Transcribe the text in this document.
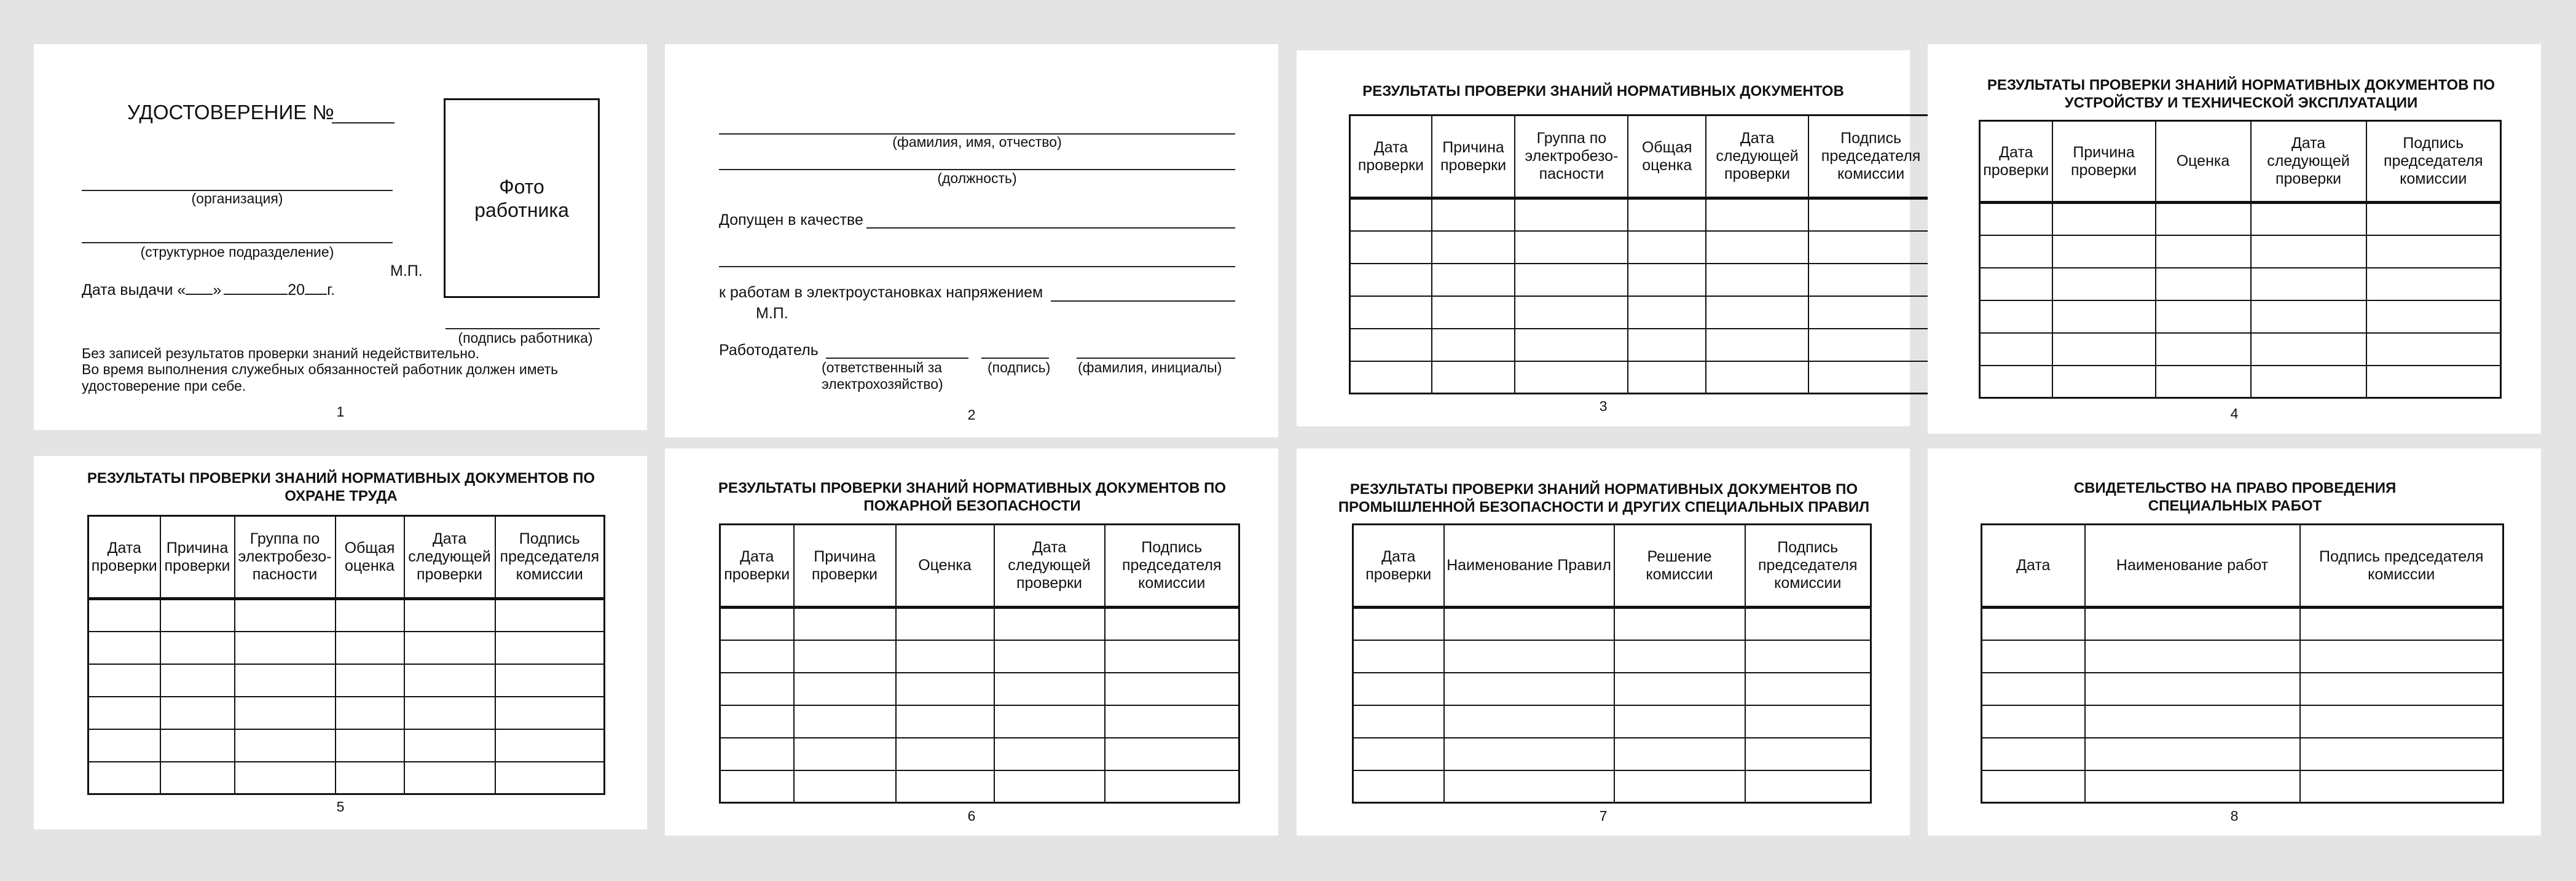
УДОСТОВЕРЕНИЕ №
(организация)
(структурное подразделение)
М.П.
Дата выдачи « »	20 г.
Фото работника
(подпись работника)
Без записей результатов проверки знаний недействительно.
Во время выполнения служебных обязанностей работник должен иметь удостоверение при себе.
1
(фамилия, имя, отчество)
(должность)
Допущен в качестве
к работам в электроустановках напряжением
М.П.
Работодатель
(ответственный за электрохозяйство)
(подпись) (фамилия, инициалы)
2
РЕЗУЛЬТАТЫ ПРОВЕРКИ ЗНАНИЙ НОРМАТИВНЫХ ДОКУМЕНТОВ
Дата проверки	Причина проверки	Группа по электробезо- пасности	Общая оценка	Дата следующей проверки	Подпись председателя комиссии

3
РЕЗУЛЬТАТЫ ПРОВЕРКИ ЗНАНИЙ НОРМАТИВНЫХ ДОКУМЕНТОВ ПО УСТРОЙСТВУ И ТЕХНИЧЕСКОЙ ЭКСПЛУАТАЦИИ
Дата проверки	Причина проверки	Оценка	Дата следующей проверки	Подпись председателя комиссии

4
РЕЗУЛЬТАТЫ ПРОВЕРКИ ЗНАНИЙ НОРМАТИВНЫХ ДОКУМЕНТОВ ПО ОХРАНЕ ТРУДА
Дата проверки	Причина проверки	Группа по электробезо- пасности	Общая оценка	Дата следующей проверки	Подпись председателя комиссии

5
РЕЗУЛЬТАТЫ ПРОВЕРКИ ЗНАНИЙ НОРМАТИВНЫХ ДОКУМЕНТОВ ПО ПОЖАРНОЙ БЕЗОПАСНОСТИ
Дата проверки	Причина проверки	Оценка	Дата следующей проверки	Подпись председателя комиссии

6
РЕЗУЛЬТАТЫ ПРОВЕРКИ ЗНАНИЙ НОРМАТИВНЫХ ДОКУМЕНТОВ ПО ПРОМЫШЛЕННОЙ БЕЗОПАСНОСТИ И ДРУГИХ СПЕЦИАЛЬНЫХ ПРАВИЛ
Дата проверки	Наименование Правил	Решение комиссии	Подпись председателя комиссии

7
СВИДЕТЕЛЬСТВО НА ПРАВО ПРОВЕДЕНИЯ СПЕЦИАЛЬНЫХ РАБОТ
Дата	Наименование работ	Подпись председателя комиссии

8
